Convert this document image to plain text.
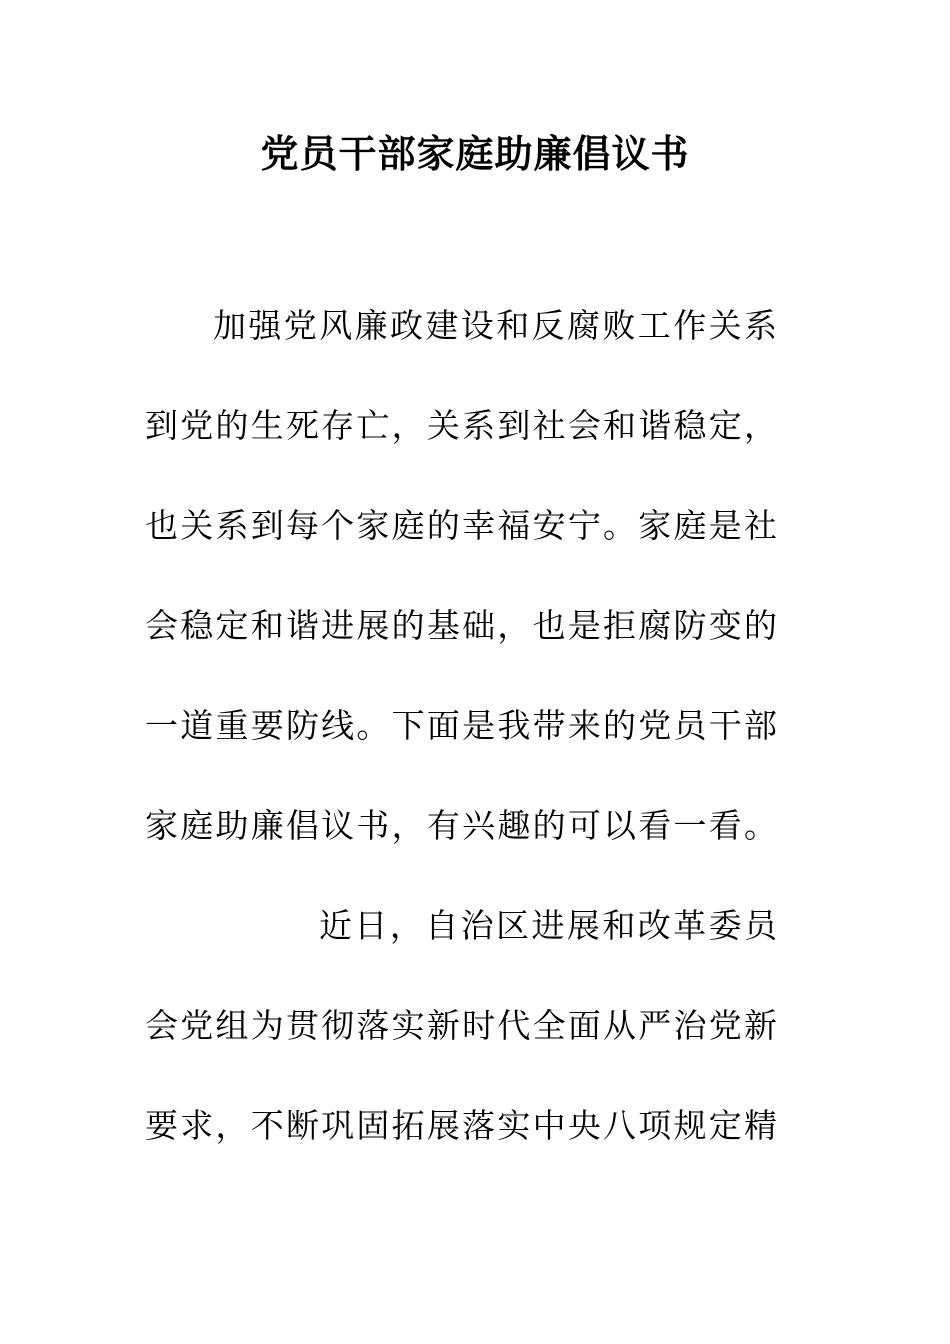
党员干部家庭助廉倡议书
加强党风廉政建设和反腐败工作关系
到党的生死存亡，关系到社会和谐稳定，
也关系到每个家庭的幸福安宁。家庭是社
会稳定和谐进展的基础，也是拒腐防变的
一道重要防线。下面是我带来的党员干部
家庭助廉倡议书，有兴趣的可以看一看。
近日，自治区进展和改革委员
会党组为贯彻落实新时代全面从严治党新
要求，不断巩固拓展落实中央八项规定精
